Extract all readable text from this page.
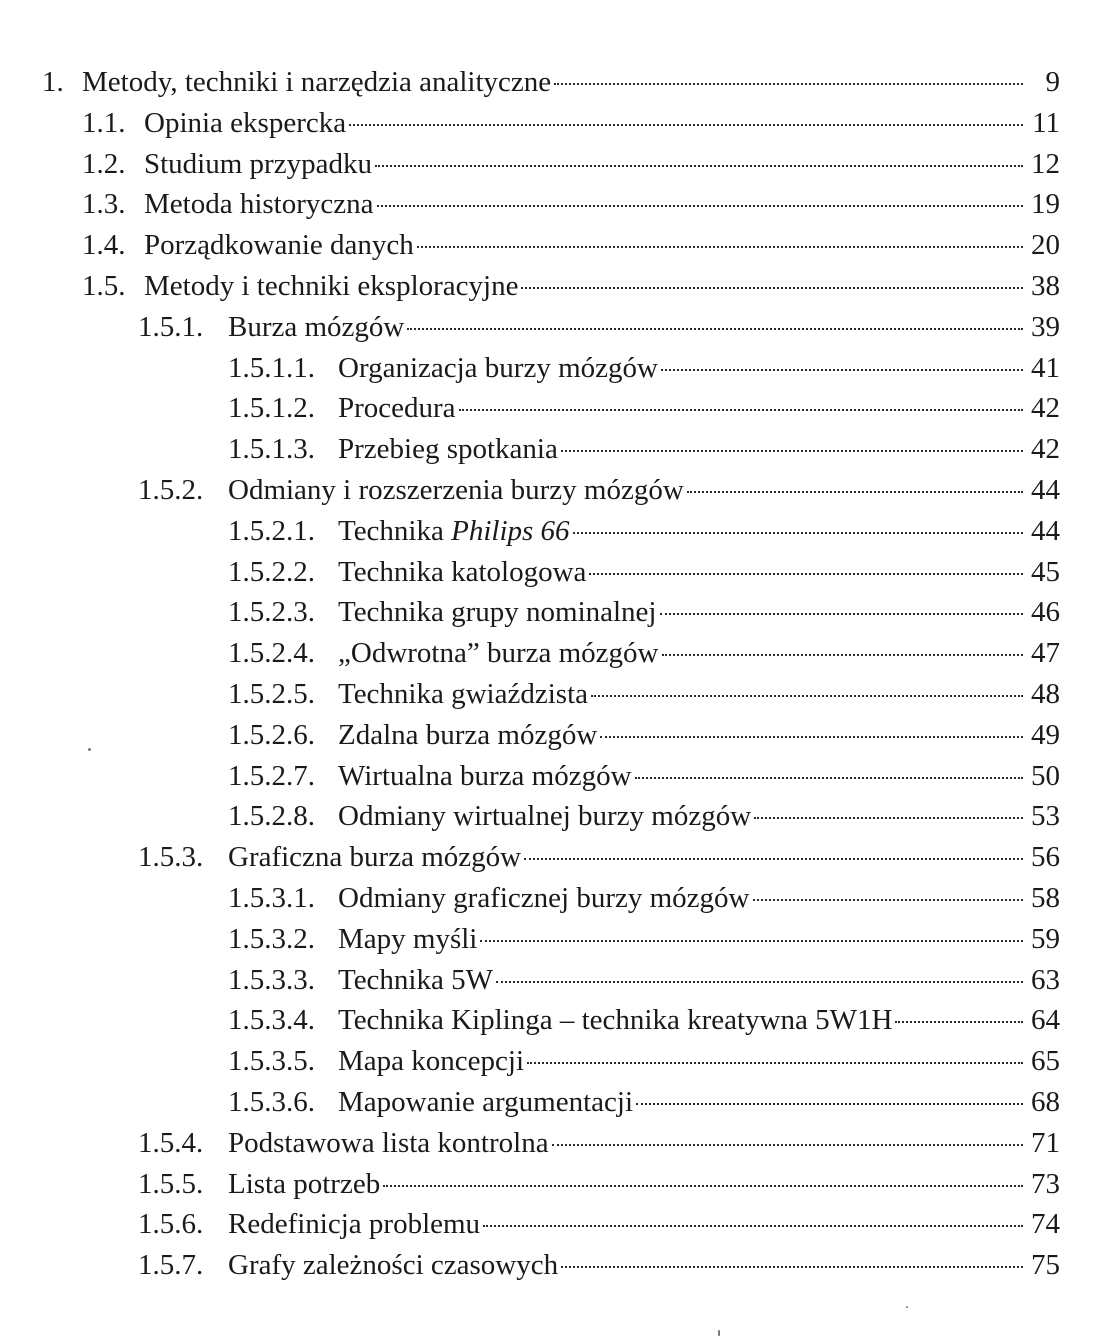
1. Metody, techniki i narzędzia analityczne	9
1.1. Opinia ekspercka	11
1.2. Studium przypadku	12
1.3. Metoda historyczna	19
1.4. Porządkowanie danych	20
1.5. Metody i techniki eksploracyjne	38
1.5.1. Burza mózgów	39
1.5.1.1. Organizacja burzy mózgów	41
1.5.1.2. Procedura	42
1.5.1.3. Przebieg spotkania	42
1.5.2. Odmiany i rozszerzenia burzy mózgów	44
1.5.2.1. Technika Philips 66	44
1.5.2.2. Technika katologowa	45
1.5.2.3. Technika grupy nominalnej	46
1.5.2.4. „Odwrotna” burza mózgów	47
1.5.2.5. Technika gwiaździsta	48
1.5.2.6. Zdalna burza mózgów	49
1.5.2.7. Wirtualna burza mózgów	50
1.5.2.8. Odmiany wirtualnej burzy mózgów	53
1.5.3. Graficzna burza mózgów	56
1.5.3.1. Odmiany graficznej burzy mózgów	58
1.5.3.2. Mapy myśli	59
1.5.3.3. Technika 5W	63
1.5.3.4. Technika Kiplinga – technika kreatywna 5W1H	64
1.5.3.5. Mapa koncepcji	65
1.5.3.6. Mapowanie argumentacji	68
1.5.4. Podstawowa lista kontrolna	71
1.5.5. Lista potrzeb	73
1.5.6. Redefinicja problemu	74
1.5.7. Grafy zależności czasowych	75
